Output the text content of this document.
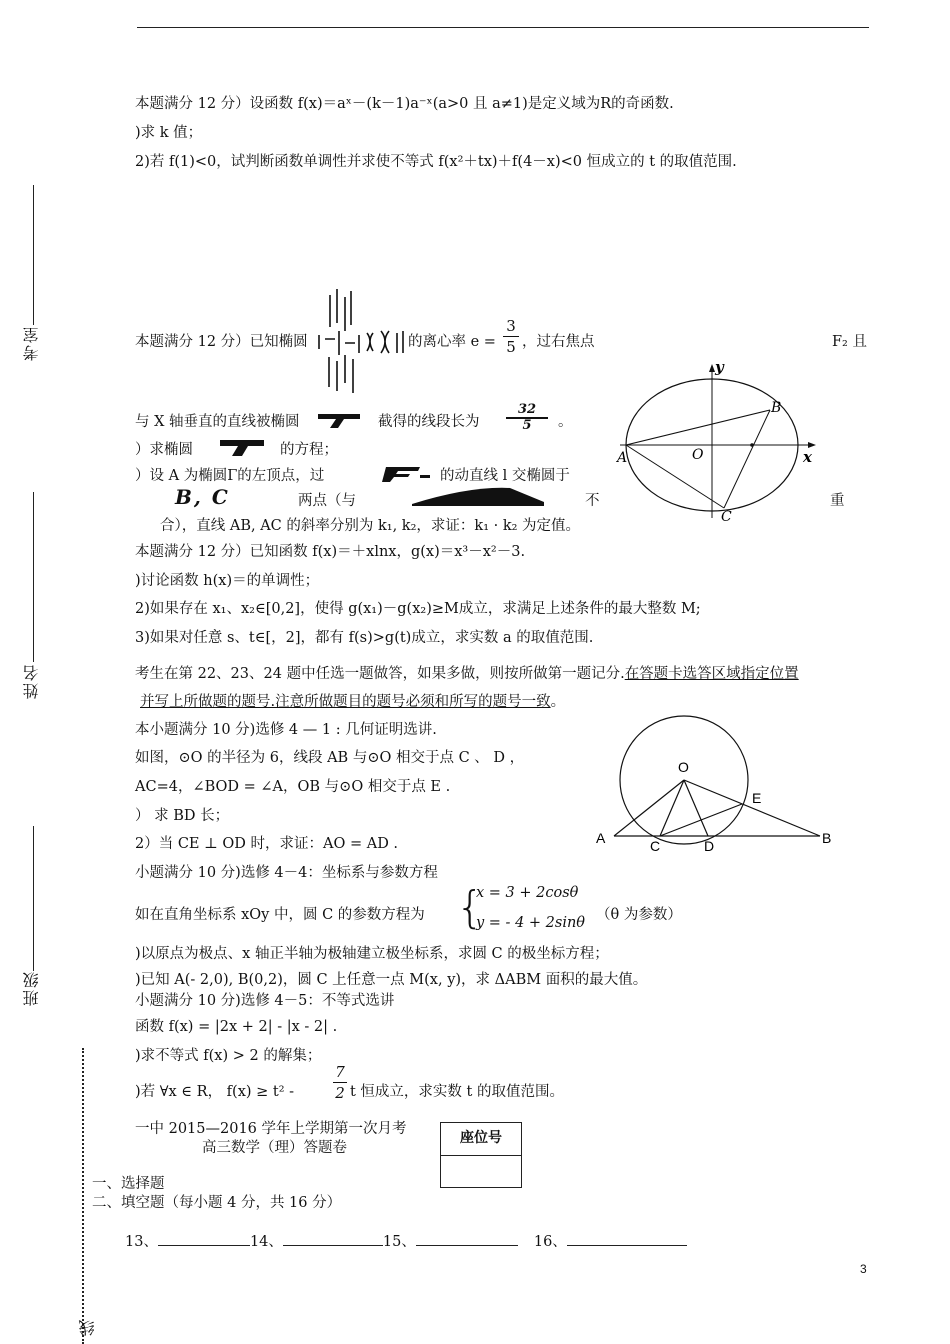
考室
姓名
班级
线
本题满分 12 分）设函数 f(x)＝aˣ－(k－1)a⁻ˣ(a>0 且 a≠1)是定义域为R的奇函数.
)求 k 值；
2)若 f(1)<0，试判断函数单调性并求使不等式 f(x²＋tx)＋f(4－x)<0 恒成立的 t 的取值范围.
本题满分 12 分）已知椭圆	的离心率 $e = \frac{3}{5}$ ，过右焦点	F₂ 且
与 X 轴垂直的直线被椭圆	截得的线段长为 $\frac{32}{5}$ 。
）求椭圆	的方程；
）设 A 为椭圆Γ的左顶点，过	的动直线 l 交椭圆于
B, C	两点（与	不	重
合），直线 AB, AC 的斜率分别为 k₁, k₂，求证：k₁ · k₂ 为定值。
y
x
A	O
B
C
本题满分 12 分）已知函数 f(x)＝＋xlnx，g(x)＝x³－x²－3.
)讨论函数 h(x)＝的单调性；
2)如果存在 x₁、x₂∈[0,2]，使得 g(x₁)－g(x₂)≥M成立，求满足上述条件的最大整数 M;
3)如果对任意 s、t∈[，2]，都有 f(s)>g(t)成立，求实数 a 的取值范围.
考生在第 22、23、24 题中任选一题做答，如果多做，则按所做第一题记分.在答题卡选答区域指定位置
并写上所做题的题号.注意所做题目的题号必须和所写的题号一致。
本小题满分 10 分)选修 4 — 1 : 几何证明选讲.
如图，⊙O 的半径为 6，线段 AB 与⊙O 相交于点 C 、 D ，
AC=4，∠BOD = ∠A，OB 与⊙O 相交于点 E .
） 求 BD 长；
2）当 CE ⊥ OD 时，求证：AO = AD .
O
E
A	C	D	B
小题满分 10 分)选修 4－4：坐标系与参数方程
如在直角坐标系 xOy 中，圆 C 的参数方程为 {
x = 3 + 2cosθ
y = - 4 + 2sinθ （θ 为参数）
)以原点为极点、x 轴正半轴为极轴建立极坐标系，求圆 C 的极坐标方程；
)已知 A(- 2,0), B(0,2)，圆 C 上任意一点 M(x, y)，求 ΔABM 面积的最大值。
小题满分 10 分)选修 4－5：不等式选讲
函数 f(x) = |2x + 2| - |x - 2| .
)求不等式 f(x) > 2 的解集；
)若 ∀x ∈ R， f(x) ≥ t² -	$\frac{7}{2}$ t 恒成立，求实数 t 的取值范围。
一中 2015—2016 学年上学期第一次月考
高三数学（理）答题卷
座位号
一、选择题
二、填空题（每小题 4 分，共 16 分）
13、	14、	15、	16、
3
